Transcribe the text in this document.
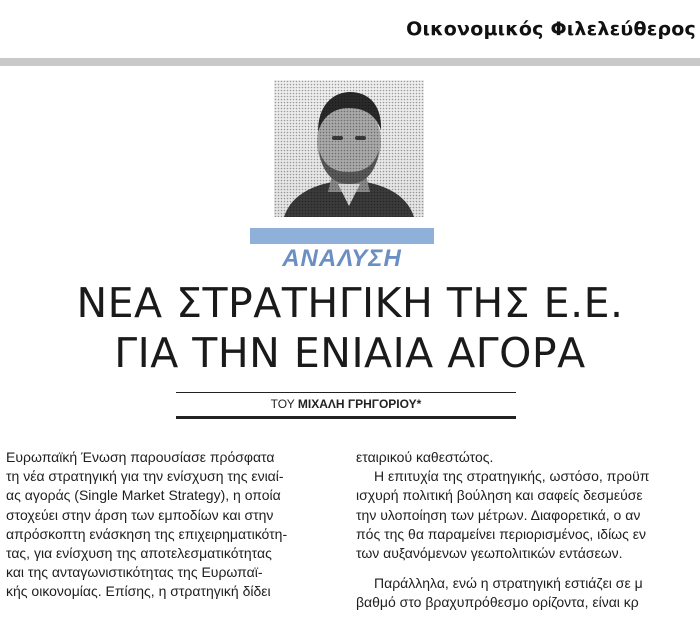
Οικονομικός Φιλελεύθερος
ΑΝΑΛΥΣΗ
ΝΕΑ ΣΤΡΑΤΗΓΙΚΗ ΤΗΣ Ε.Ε.
ΓΙΑ ΤΗΝ ΕΝΙΑΙΑ ΑΓΟΡΑ
ΤΟΥ ΜΙΧΑΛΗ ΓΡΗΓΟΡΙΟΥ*
Ευρωπαϊκή Ένωση παρουσίασε πρόσφατα
τη νέα στρατηγική για την ενίσχυση της ενιαί-
ας αγοράς (Single Market Strategy), η οποία
στοχεύει στην άρση των εμποδίων και στην
απρόσκοπτη ενάσκηση της επιχειρηματικότη-
τας, για ενίσχυση της αποτελεσματικότητας
και της ανταγωνιστικότητας της Ευρωπαϊ-
κής οικονομίας. Επίσης, η στρατηγική δίδει
εταιρικού καθεστώτος.
Η επιτυχία της στρατηγικής, ωστόσο, προϋπ
ισχυρή πολιτική βούληση και σαφείς δεσμεύσε
την υλοποίηση των μέτρων. Διαφορετικά, ο αν
πός της θα παραμείνει περιορισμένος, ιδίως εν
των αυξανόμενων γεωπολιτικών εντάσεων.
Παράλληλα, ενώ η στρατηγική εστιάζει σε μ
βαθμό στο βραχυπρόθεσμο ορίζοντα, είναι κρ
